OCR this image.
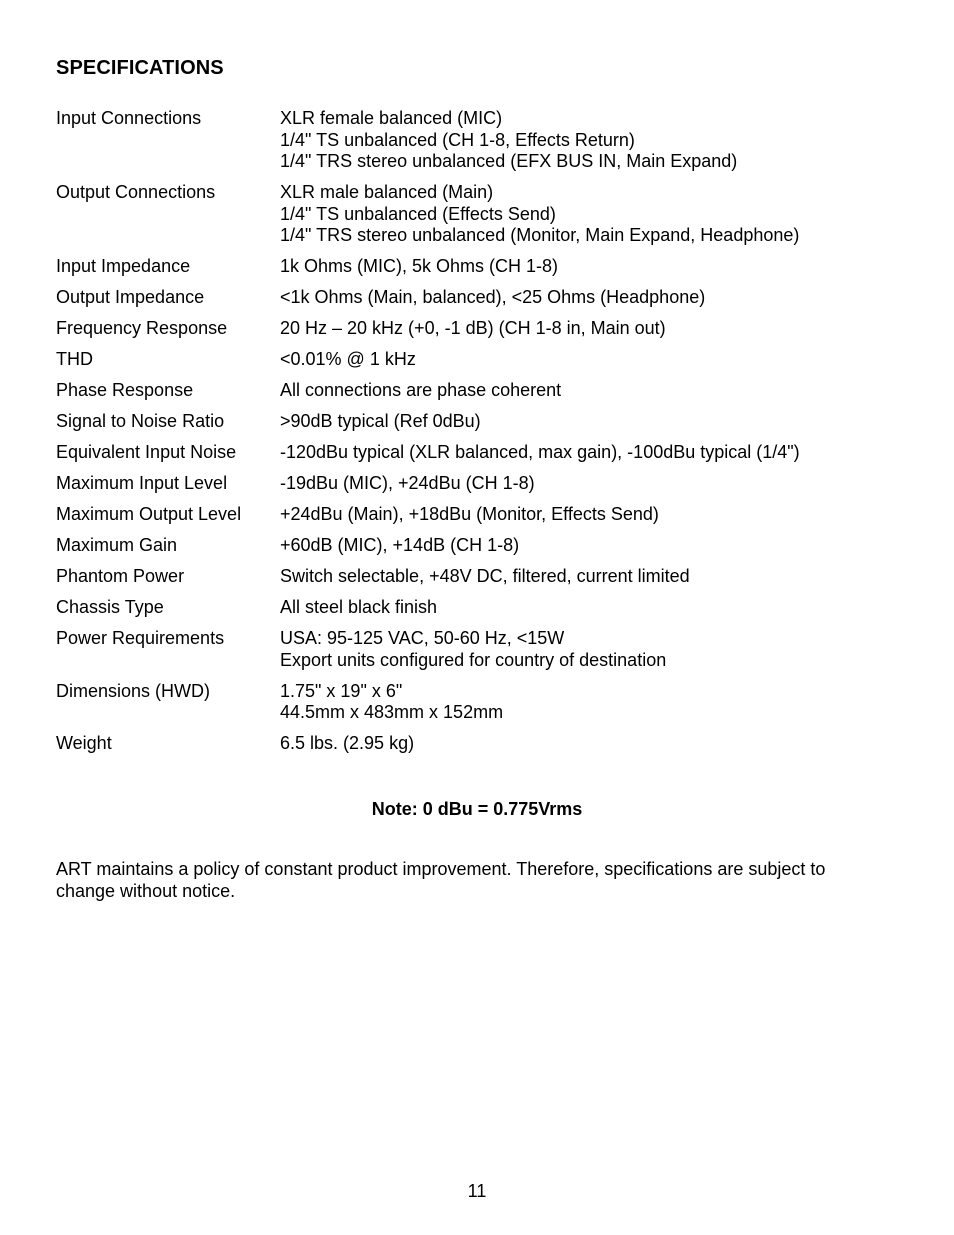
SPECIFICATIONS
Input Connections	XLR female balanced (MIC)
1/4" TS unbalanced (CH 1-8, Effects Return)
1/4" TRS stereo unbalanced (EFX BUS IN, Main Expand)
Output Connections	XLR male balanced (Main)
1/4" TS unbalanced (Effects Send)
1/4" TRS stereo unbalanced (Monitor, Main Expand, Headphone)
Input Impedance	1k Ohms (MIC), 5k Ohms (CH 1-8)
Output Impedance	<1k Ohms (Main, balanced), <25 Ohms (Headphone)
Frequency Response	20 Hz – 20 kHz (+0, -1 dB) (CH 1-8 in, Main out)
THD	<0.01% @ 1 kHz
Phase Response	All connections are phase coherent
Signal to Noise Ratio	>90dB typical (Ref 0dBu)
Equivalent Input Noise	-120dBu typical (XLR balanced, max gain), -100dBu typical (1/4")
Maximum Input Level	-19dBu (MIC), +24dBu (CH 1-8)
Maximum Output Level	+24dBu (Main), +18dBu (Monitor, Effects Send)
Maximum Gain	+60dB (MIC), +14dB (CH 1-8)
Phantom Power	Switch selectable, +48V DC, filtered, current limited
Chassis Type	All steel black finish
Power Requirements	USA: 95-125 VAC, 50-60 Hz, <15W
Export units configured for country of destination
Dimensions (HWD)	1.75" x 19" x 6"
44.5mm x 483mm x 152mm
Weight	6.5 lbs. (2.95 kg)
Note: 0 dBu = 0.775Vrms
ART maintains a policy of constant product improvement. Therefore, specifications are subject to change without notice.
11
